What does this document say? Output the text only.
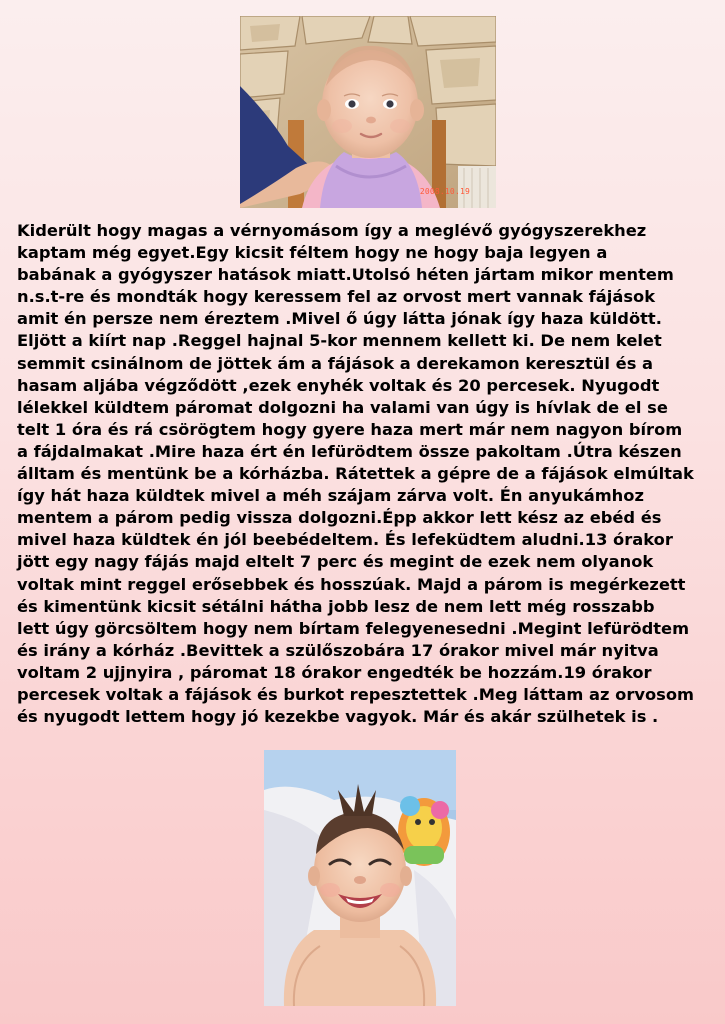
2008.10.19

Kiderült hogy magas a vérnyomásom így a meglévő gyógyszerekhez
kaptam még egyet.Egy kicsit féltem hogy ne hogy baja legyen a
babának a gyógyszer hatások miatt.Utolsó héten jártam mikor mentem
n.s.t-re és mondták hogy keressem fel az orvost mert vannak fájások
amit én persze nem éreztem .Mivel ő úgy látta jónak így haza küldött.
Eljött a kiírt nap .Reggel hajnal 5-kor mennem kellett ki. De nem kelet
semmit csinálnom de jöttek ám a fájások a derekamon keresztül és a
hasam aljába végződött ,ezek enyhék voltak és 20 percesek. Nyugodt
lélekkel küldtem páromat dolgozni ha valami van úgy is hívlak de el se
telt 1 óra és rá csörögtem hogy gyere haza mert már nem nagyon bírom
a fájdalmakat .Mire haza ért én lefürödtem össze pakoltam .Útra készen
álltam és mentünk be a kórházba. Rátettek a gépre de a fájások elmúltak
így hát haza küldtek mivel a méh szájam zárva volt. Én anyukámhoz
mentem a párom pedig vissza dolgozni.Épp akkor lett kész az ebéd és
mivel haza küldtek én jól beebédeltem. És lefeküdtem aludni.13 órakor
jött egy nagy fájás majd eltelt 7 perc és megint de ezek nem olyanok
voltak mint reggel erősebbek és hosszúak. Majd a párom is megérkezett
és kimentünk kicsit sétálni hátha jobb lesz de nem lett még rosszabb
lett úgy görcsöltem hogy nem bírtam felegyenesedni .Megint lefürödtem
és irány a kórház .Bevittek a szülőszobára 17 órakor mivel már nyitva
voltam 2 ujjnyira , páromat 18 órakor engedték be hozzám.19 órakor
percesek voltak a fájások és burkot repesztettek .Meg láttam az orvosom
és nyugodt lettem hogy jó kezekbe vagyok. Már és akár szülhetek is .
